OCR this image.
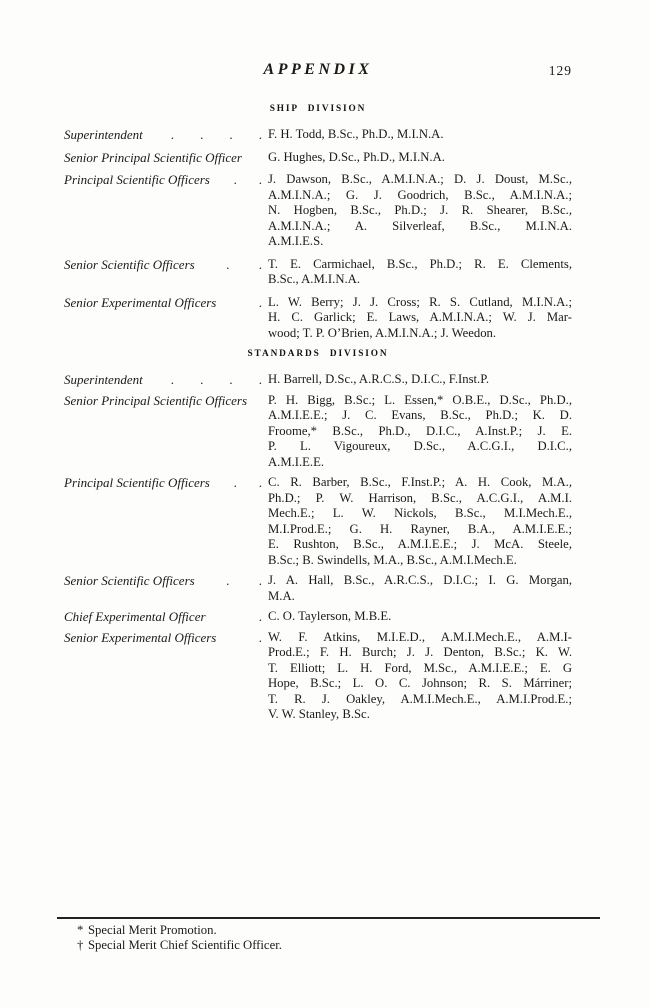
APPENDIX	129
SHIP DIVISION
Superintendent . . . . F. H. Todd, B.Sc., Ph.D., M.I.N.A.
Senior Principal Scientific Officer G. Hughes, D.Sc., Ph.D., M.I.N.A.
Principal Scientific Officers . . J. Dawson, B.Sc., A.M.I.N.A.; D. J. Doust, M.Sc.,
A.M.I.N.A.; G. J. Goodrich, B.Sc., A.M.I.N.A.;
N. Hogben, B.Sc., Ph.D.; J. R. Shearer, B.Sc.,
A.M.I.N.A.; A. Silverleaf, B.Sc., M.I.N.A.
A.M.I.E.S.
Senior Scientific Officers . . T. E. Carmichael, B.Sc., Ph.D.; R. E. Clements,
B.Sc., A.M.I.N.A.
Senior Experimental Officers	. L. W. Berry; J. J. Cross; R. S. Cutland, M.I.N.A.;
H. C. Garlick; E. Laws, A.M.I.N.A.; W. J. Mar-
wood; T. P. O’Brien, A.M.I.N.A.; J. Weedon.
STANDARDS DIVISION
Superintendent . . . . H. Barrell, D.Sc., A.R.C.S., D.I.C., F.Inst.P.
Senior Principal Scientific Officers P. H. Bigg, B.Sc.; L. Essen,* O.B.E., D.Sc., Ph.D.,
A.M.I.E.E.; J. C. Evans, B.Sc., Ph.D.; K. D.
Froome,* B.Sc., Ph.D., D.I.C., A.Inst.P.; J. E.
P. L. Vigoureux, D.Sc., A.C.G.I., D.I.C.,
A.M.I.E.E.
Principal Scientific Officers . . C. R. Barber, B.Sc., F.Inst.P.; A. H. Cook, M.A.,
Ph.D.; P. W. Harrison, B.Sc., A.C.G.I., A.M.I.
Mech.E.; L. W. Nickols, B.Sc., M.I.Mech.E.,
M.I.Prod.E.; G. H. Rayner, B.A., A.M.I.E.E.;
E. Rushton, B.Sc., A.M.I.E.E.; J. McA. Steele,
B.Sc.; B. Swindells, M.A., B.Sc., A.M.I.Mech.E.
Senior Scientific Officers . . J. A. Hall, B.Sc., A.R.C.S., D.I.C.; I. G. Morgan,
M.A.
Chief Experimental Officer	. C. O. Taylerson, M.B.E.
Senior Experimental Officers	. W. F. Atkins, M.I.E.D., A.M.I.Mech.E., A.M.I-
Prod.E.; F. H. Burch; J. J. Denton, B.Sc.; K. W.
T. Elliott; L. H. Ford, M.Sc., A.M.I.E.E.; E. G
Hope, B.Sc.; L. O. C. Johnson; R. S. Márriner;
T. R. J. Oakley, A.M.I.Mech.E., A.M.I.Prod.E.;
V. W. Stanley, B.Sc.
* Special Merit Promotion.
† Special Merit Chief Scientific Officer.
